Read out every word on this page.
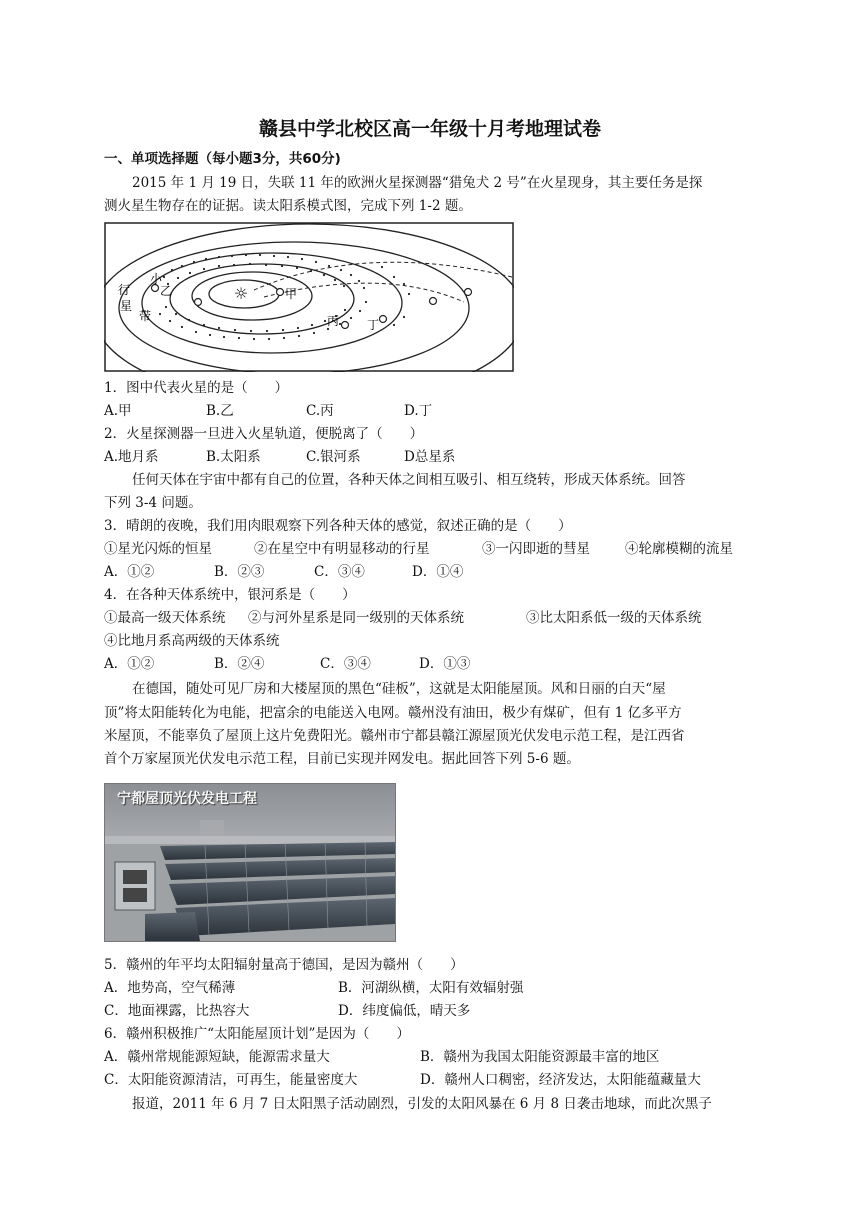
赣县中学北校区高一年级十月考地理试卷
一、单项选择题（每小题3分，共60分)
2015 年 1 月 19 日，失联 11 年的欧洲火星探测器“猎兔犬 2 号”在火星现身，其主要任务是探
测火星生物存在的证据。读太阳系模式图，完成下列 1-2 题。
☼	甲
小
乙
行
星
带	丙 丁
1．图中代表火星的是（　　）
A.甲	B.乙	C.丙	D.丁
2．火星探测器一旦进入火星轨道，便脱离了（　　）
A.地月系	B.太阳系	C.银河系	D总星系
任何天体在宇宙中都有自己的位置，各种天体之间相互吸引、相互绕转，形成天体系统。回答
下列 3-4 问题。
3．晴朗的夜晚，我们用肉眼观察下列各种天体的感觉，叙述正确的是（　　）
①星光闪烁的恒星	②在星空中有明显移动的行星	③一闪即逝的彗星	④轮廓模糊的流星
A．①②	B．②③	C．③④	D．①④
4．在各种天体系统中，银河系是（　　）
①最高一级天体系统 ②与河外星系是同一级别的天体系统	③比太阳系低一级的天体系统
④比地月系高两级的天体系统
A．①②	B．②④	C．③④	D．①③
在德国，随处可见厂房和大楼屋顶的黑色“硅板”，这就是太阳能屋顶。风和日丽的白天“屋
顶”将太阳能转化为电能，把富余的电能送入电网。赣州没有油田，极少有煤矿，但有 1 亿多平方
米屋顶，不能辜负了屋顶上这片免费阳光。赣州市宁都县赣江源屋顶光伏发电示范工程，是江西省
首个万家屋顶光伏发电示范工程，目前已实现并网发电。据此回答下列 5-6 题。
宁都屋顶光伏发电工程
5．赣州的年平均太阳辐射量高于德国，是因为赣州（　　）
A．地势高，空气稀薄	B．河湖纵横，太阳有效辐射强
C．地面裸露，比热容大	D．纬度偏低，晴天多
6．赣州积极推广“太阳能屋顶计划”是因为（　　）
A．赣州常规能源短缺，能源需求量大	B．赣州为我国太阳能资源最丰富的地区
C．太阳能资源清洁，可再生，能量密度大	D．赣州人口稠密，经济发达，太阳能蕴藏量大
报道，2011 年 6 月 7 日太阳黑子活动剧烈，引发的太阳风暴在 6 月 8 日袭击地球，而此次黑子
